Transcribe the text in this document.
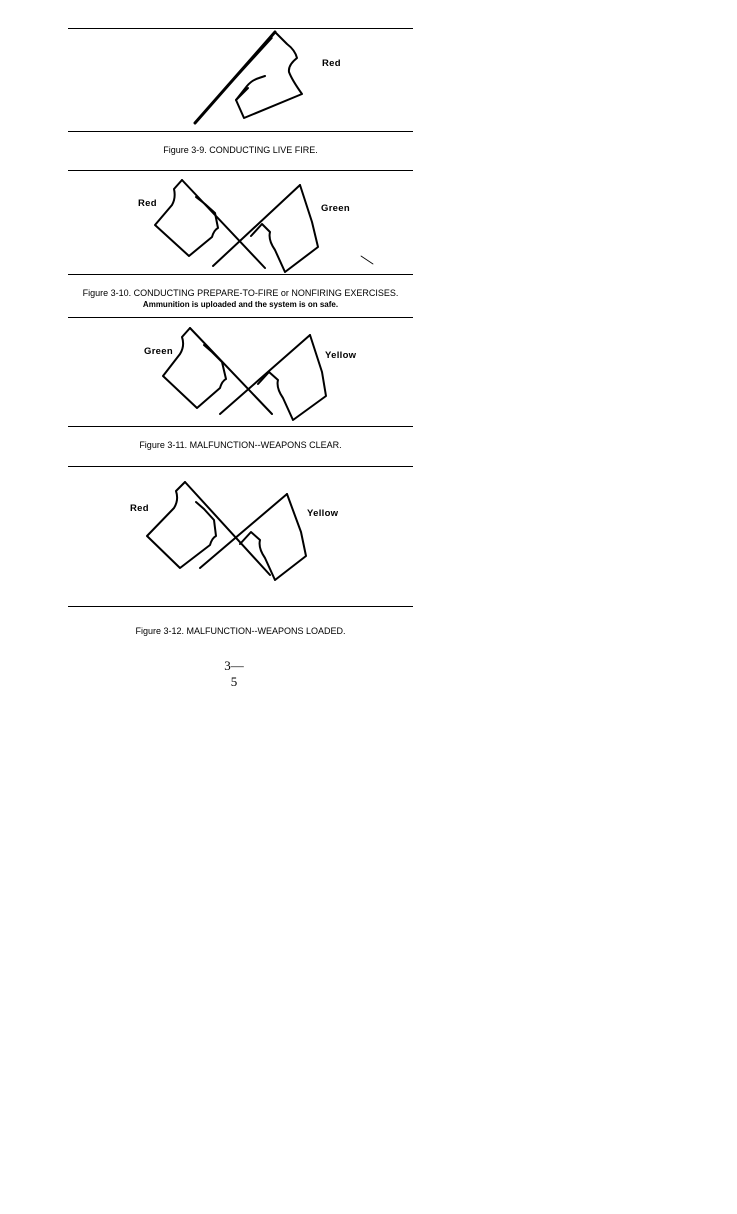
Red
Red	Green
Green	Yellow
Red	Yellow
Figure 3-9. CONDUCTING LIVE FIRE.
Figure 3-10. CONDUCTING PREPARE-TO-FIRE or NONFIRING EXERCISES.
Ammunition is uploaded and the system is on safe.
Figure 3-11. MALFUNCTION--WEAPONS CLEAR.
Figure 3-12. MALFUNCTION--WEAPONS LOADED.
3—5
